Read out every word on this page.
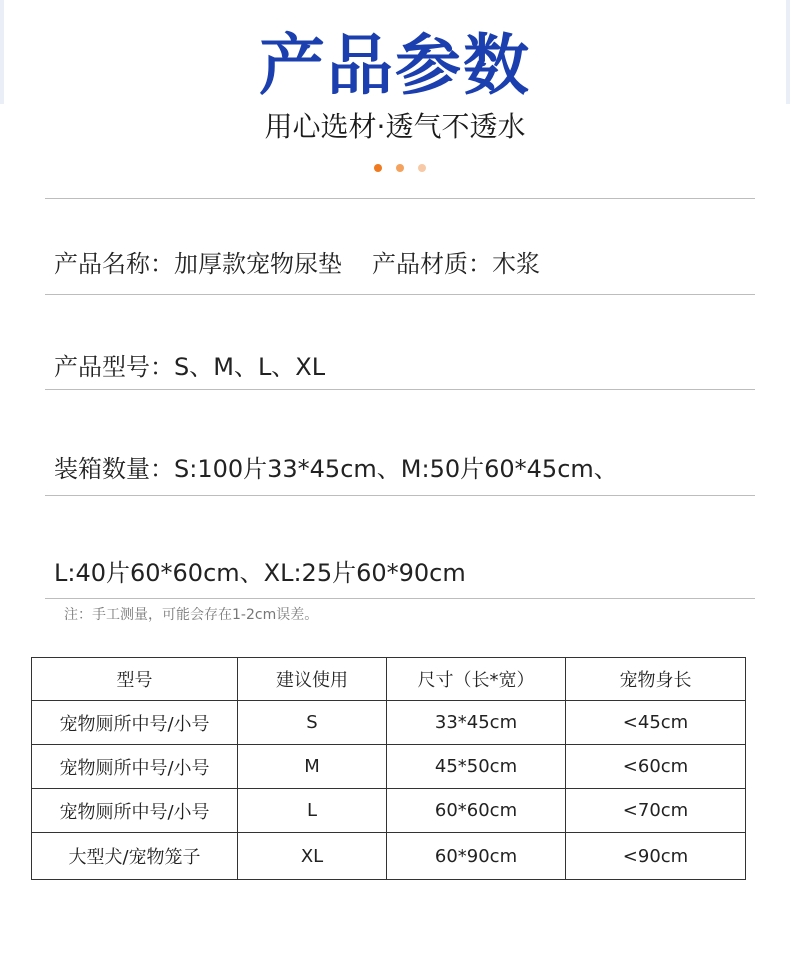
产品参数
用心选材·透气不透水
产品名称：加厚款宠物尿垫 产品材质：木浆
产品型号：S、M、L、XL
装箱数量：S:100片33*45cm、M:50片60*45cm、
L:40片60*60cm、XL:25片60*90cm
注：手工测量，可能会存在1-2cm误差。
型号	建议使用	尺寸（长*宽）	宠物身长
宠物厕所中号/小号	S	33*45cm	<45cm
宠物厕所中号/小号	M	45*50cm	<60cm
宠物厕所中号/小号	L	60*60cm	<70cm
大型犬/宠物笼子	XL	60*90cm	<90cm
